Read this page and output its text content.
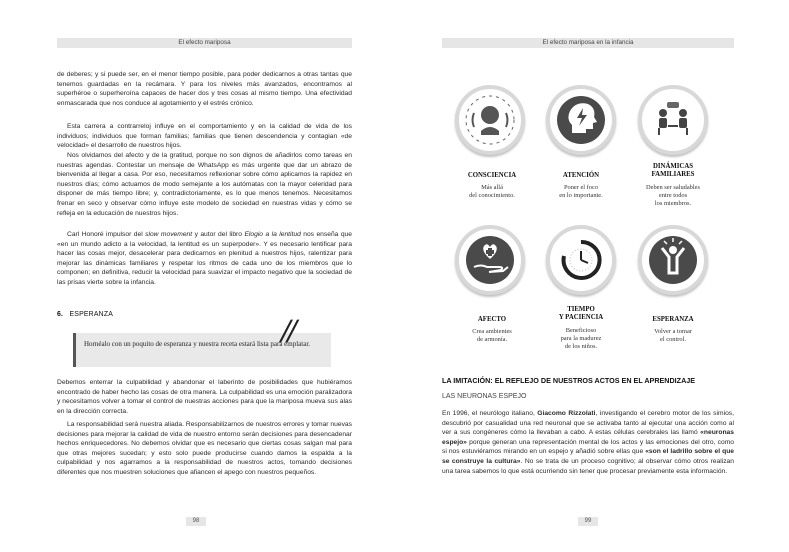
El efecto mariposa

de deberes; y si puede ser, en el menor tiempo posible, para poder dedicarnos a otras tantas que tenemos guardadas en la recámara. Y para los niveles más avanzados, encontramos al superhéroe o superheroína capaces de hacer dos y tres cosas al mismo tiempo. Una efectividad enmascarada que nos conduce al agotamiento y el estrés crónico.

Esta carrera a contrarreloj influye en el comportamiento y en la calidad de vida de los individuos; individuos que forman familias; familias que tienen descendencia y contagian «de velocidad» el desarrollo de nuestros hijos.

Nos olvidamos del afecto y de la gratitud, porque no son dignos de añadirlos como tareas en nuestras agendas. Contestar un mensaje de WhatsApp es más urgente que dar un abrazo de bienvenida al llegar a casa. Por eso, necesitamos reflexionar sobre cómo aplicamos la rapidez en nuestros días; cómo actuamos de modo semejante a los autómatas con la mayor celeridad para disponer de más tiempo libre; y, contradictoriamente, es lo que menos tenemos. Necesitamos frenar en seco y observar cómo influye este modelo de sociedad en nuestras vidas y cómo se refleja en la educación de nuestros hijos.

Carl Honoré impulsor del slow movement y autor del libro Elogio a la lentitud nos enseña que «en un mundo adicto a la velocidad, la lentitud es un superpoder». Y es necesario lentificar para hacer las cosas mejor, desacelerar para dedicarnos en plenitud a nuestros hijos, ralentizar para mejorar las dinámicas familiares y respetar los ritmos de cada uno de los miembros que lo componen; en definitiva, reducir la velocidad para suavizar el impacto negativo que la sociedad de las prisas vierte sobre la infancia.

6. ESPERANZA
Hornéalo con un poquito de esperanza y nuestra receta estará lista para emplatar.
//

Debemos enterrar la culpabilidad y abandonar el laberinto de posibilidades que hubiéramos encontrado de haber hecho las cosas de otra manera. La culpabilidad es una emoción paralizadora y necesitamos volver a tomar el control de nuestras acciones para que la mariposa mueva sus alas en la dirección correcta.

La responsabilidad será nuestra aliada. Responsabilizarnos de nuestros errores y tomar nuevas decisiones para mejorar la calidad de vida de nuestro entorno serán decisiones para desencadenar hechos enriquecedores. No debemos olvidar que es necesario que ciertas cosas salgan mal para que otras mejores sucedan; y esto solo puede producirse cuando damos la espalda a la culpabilidad y nos agarramos a la responsabilidad de nuestros actos, tomando decisiones diferentes que nos muestren soluciones que afiancen el apego con nuestros pequeños.

98
El efecto mariposa en la infancia
CONSCIENCIA
Más allá
del conocimiento.
ATENCIÓN
Poner el foco
en lo importante.
DINÁMICAS
FAMILIARES
Deben ser saludables
entre todos
los miembros.
AFECTO
Crea ambientes
de armonía.
TIEMPO
Y PACIENCIA
Beneficioso
para la madurez
de los niños.
ESPERANZA
Volver a tomar
el control.
LA IMITACIÓN: EL REFLEJO DE NUESTROS ACTOS EN EL APRENDIZAJE
LAS NEURONAS ESPEJO

En 1996, el neurólogo italiano, Giacomo Rizzolati, investigando el cerebro motor de los simios, descubrió por casualidad una red neuronal que se activaba tanto al ejecutar una acción como al ver a sus congéneres cómo la llevaban a cabo. A estas células cerebrales las llamó «neuronas espejo» porque generan una representación mental de los actos y las emociones del otro, como si nos estuviéramos mirando en un espejo y añadió sobre ellas que «son el ladrillo sobre el que se construye la cultura». No se trata de un proceso cognitivo; al observar cómo otros realizan una tarea sabemos lo que está ocurriendo sin tener que procesar previamente esta información.

99
